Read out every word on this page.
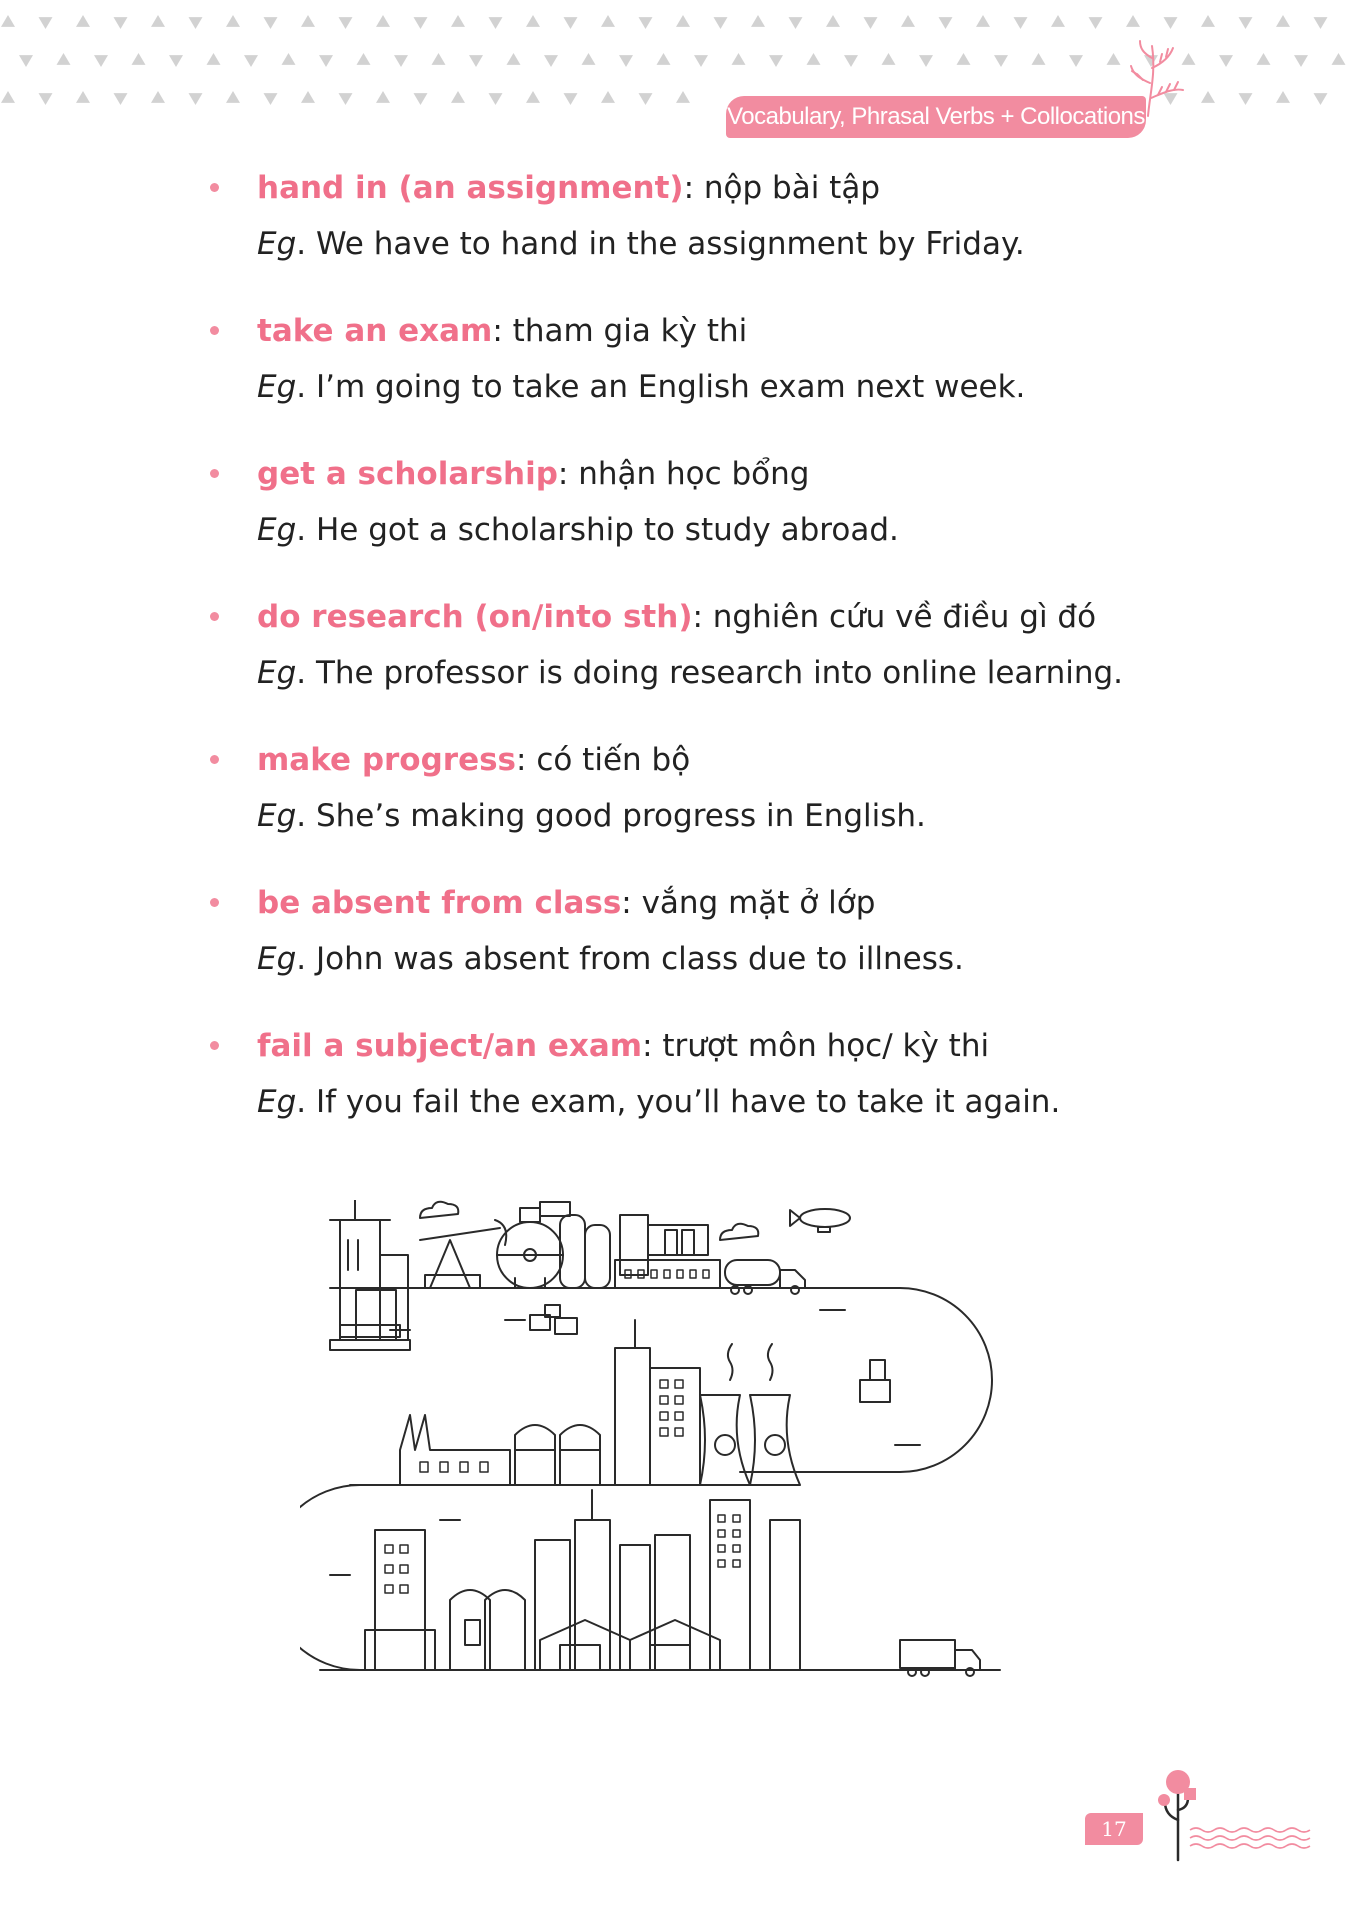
Vocabulary, Phrasal Verbs + Collocations
hand in (an assignment): nộp bài tập
Eg. We have to hand in the assignment by Friday.
take an exam: tham gia kỳ thi
Eg. I’m going to take an English exam next week.
get a scholarship: nhận học bổng
Eg. He got a scholarship to study abroad.
do research (on/into sth): nghiên cứu về điều gì đó
Eg. The professor is doing research into online learning.
make progress: có tiến bộ
Eg. She’s making good progress in English.
be absent from class: vắng mặt ở lớp
Eg. John was absent from class due to illness.
fail a subject/an exam: trượt môn học/ kỳ thi
Eg. If you fail the exam, you’ll have to take it again.
17
